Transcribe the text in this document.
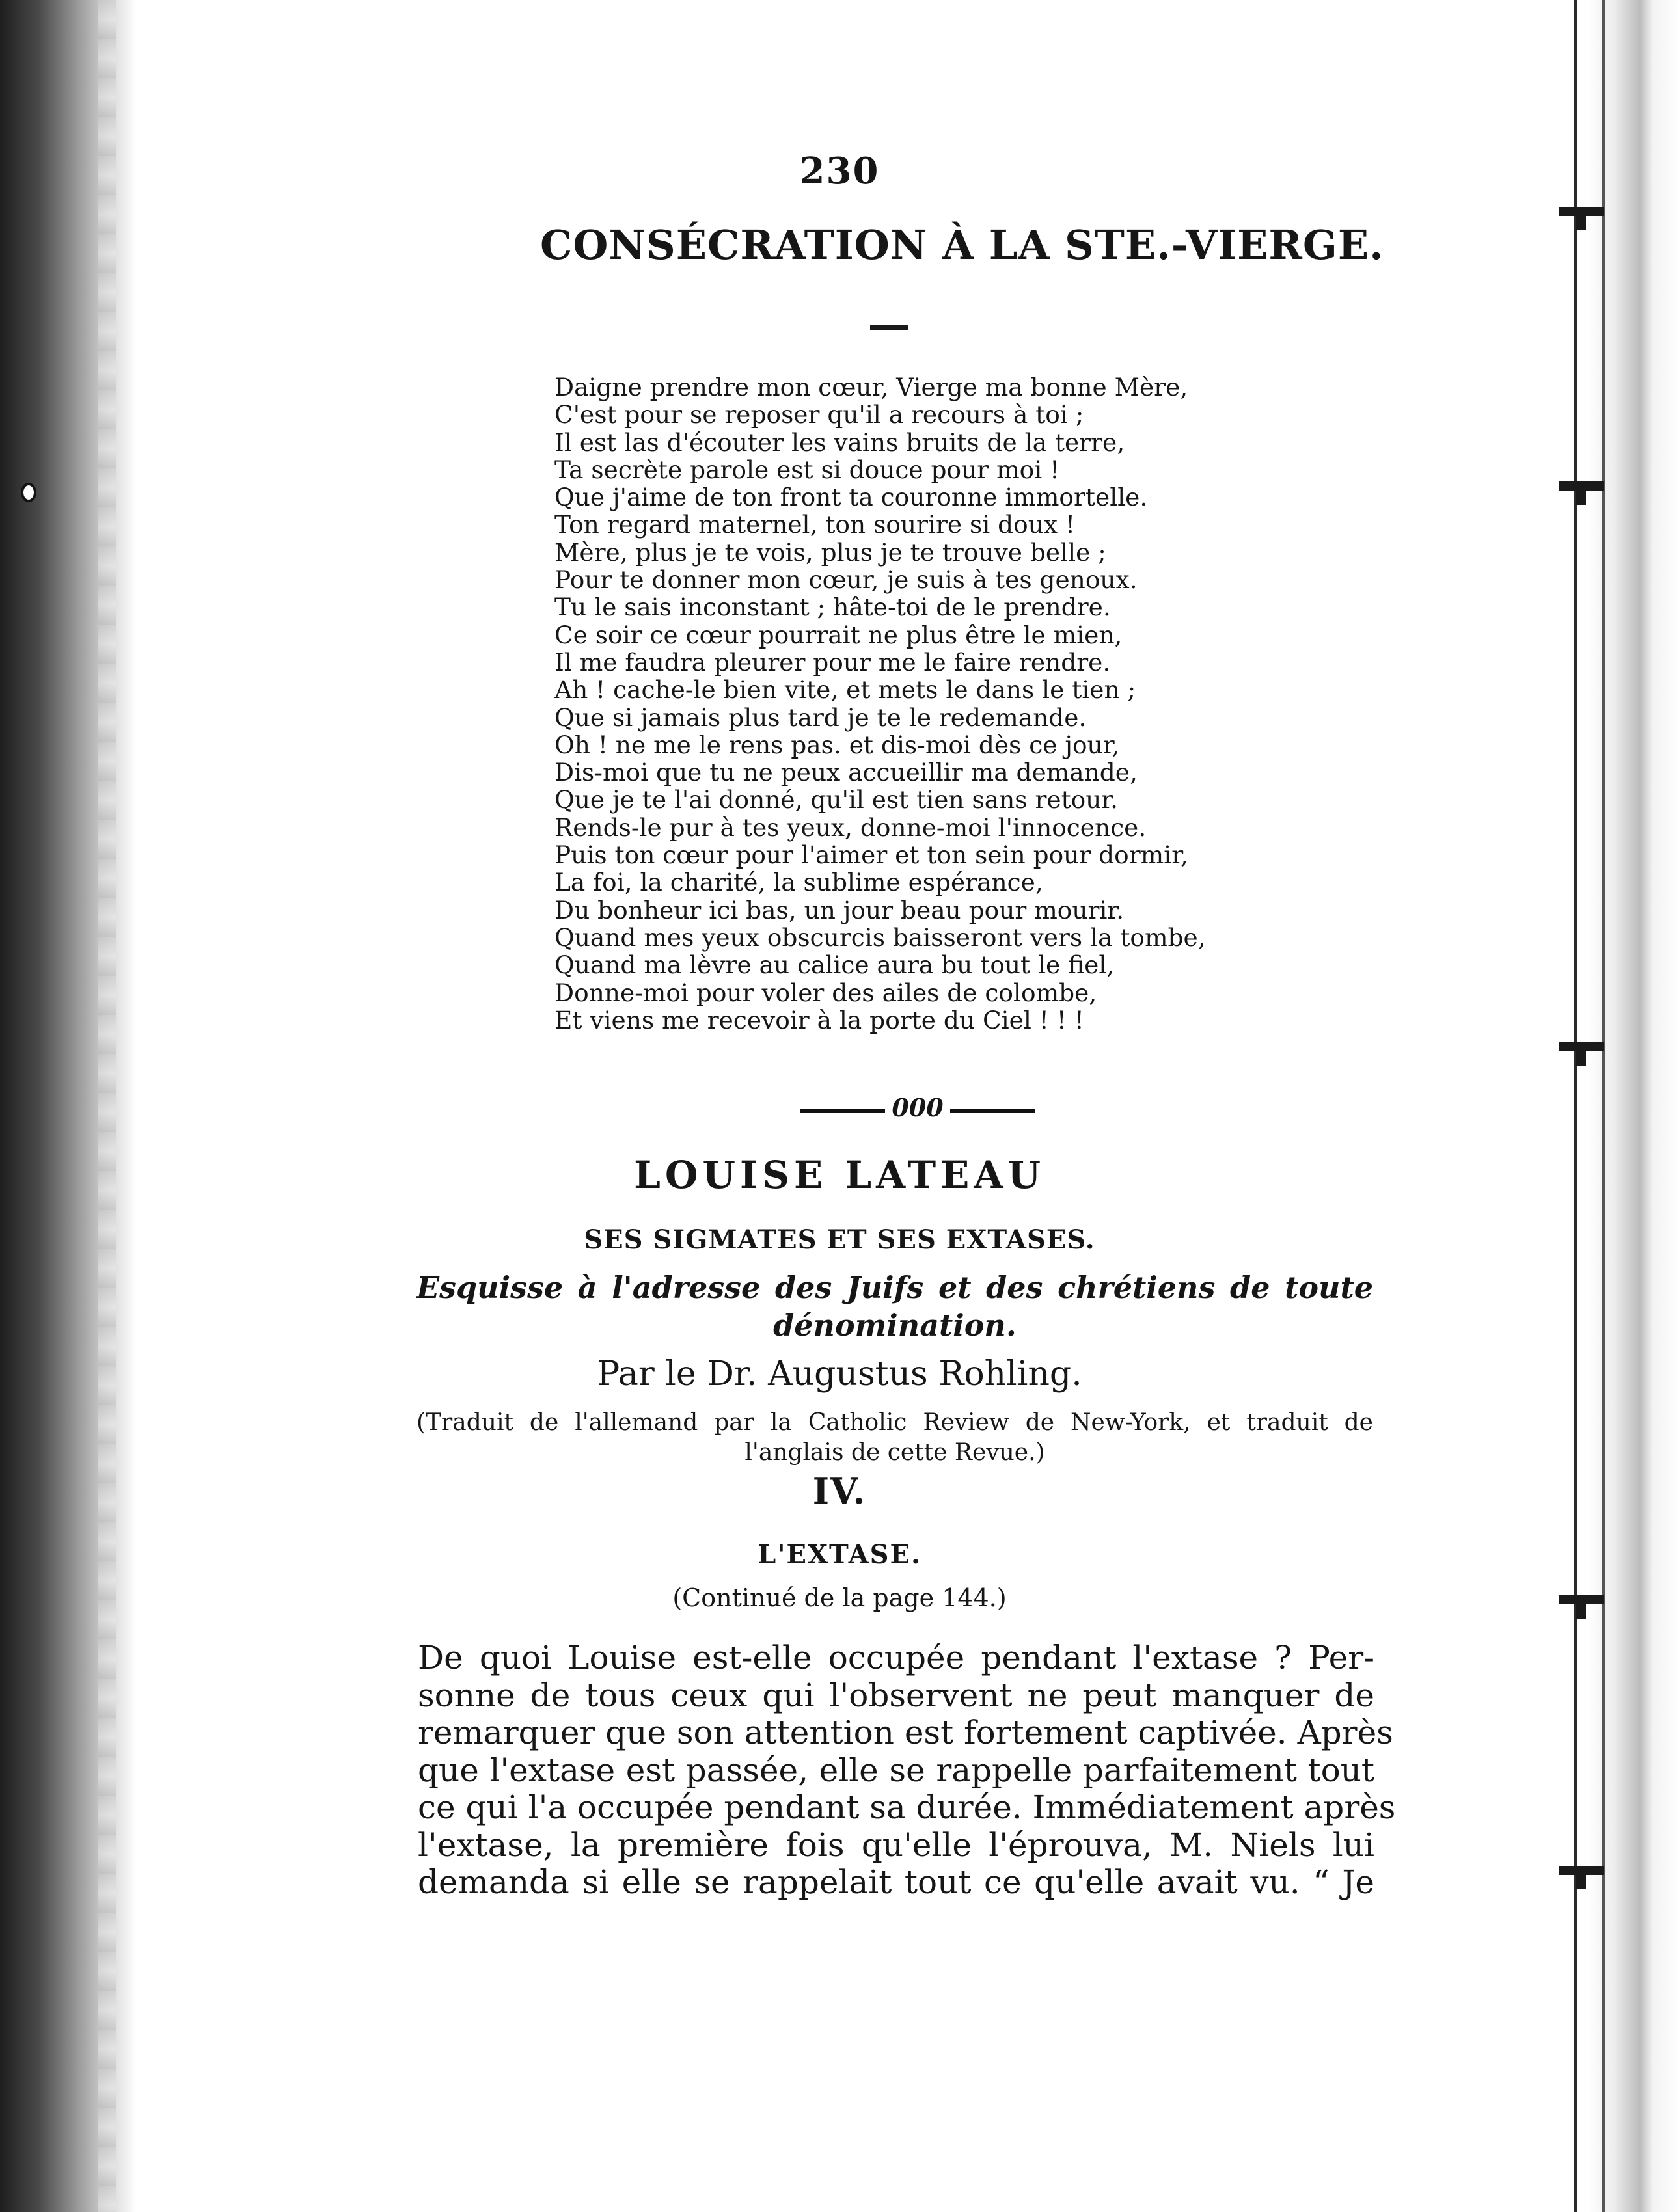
230
CONSÉCRATION À LA STE.-VIERGE.
Daigne prendre mon cœur, Vierge ma bonne Mère,
C'est pour se reposer qu'il a recours à toi ;
Il est las d'écouter les vains bruits de la terre,
Ta secrète parole est si douce pour moi !
Que j'aime de ton front ta couronne immortelle.
Ton regard maternel, ton sourire si doux !
Mère, plus je te vois, plus je te trouve belle ;
Pour te donner mon cœur, je suis à tes genoux.
Tu le sais inconstant ; hâte-toi de le prendre.
Ce soir ce cœur pourrait ne plus être le mien,
Il me faudra pleurer pour me le faire rendre.
Ah ! cache-le bien vite, et mets le dans le tien ;
Que si jamais plus tard je te le redemande.
Oh ! ne me le rens pas. et dis-moi dès ce jour,
Dis-moi que tu ne peux accueillir ma demande,
Que je te l'ai donné, qu'il est tien sans retour.
Rends-le pur à tes yeux, donne-moi l'innocence.
Puis ton cœur pour l'aimer et ton sein pour dormir,
La foi, la charité, la sublime espérance,
Du bonheur ici bas, un jour beau pour mourir.
Quand mes yeux obscurcis baisseront vers la tombe,
Quand ma lèvre au calice aura bu tout le fiel,
Donne-moi pour voler des ailes de colombe,
Et viens me recevoir à la porte du Ciel ! ! !
000
LOUISE LATEAU
SES SIGMATES ET SES EXTASES.
Esquisse à l'adresse des Juifs et des chrétiens de toute
dénomination.
Par le Dr. Augustus Rohling.
(Traduit de l'allemand par la Catholic Review de New-York, et traduit de
l'anglais de cette Revue.)
IV.
L'EXTASE.
(Continué de la page 144.)
De quoi Louise est-elle occupée pendant l'extase ? Per-
sonne de tous ceux qui l'observent ne peut manquer de
remarquer que son attention est fortement captivée. Après
que l'extase est passée, elle se rappelle parfaitement tout
ce qui l'a occupée pendant sa durée. Immédiatement après
l'extase, la première fois qu'elle l'éprouva, M. Niels lui
demanda si elle se rappelait tout ce qu'elle avait vu. “ Je
